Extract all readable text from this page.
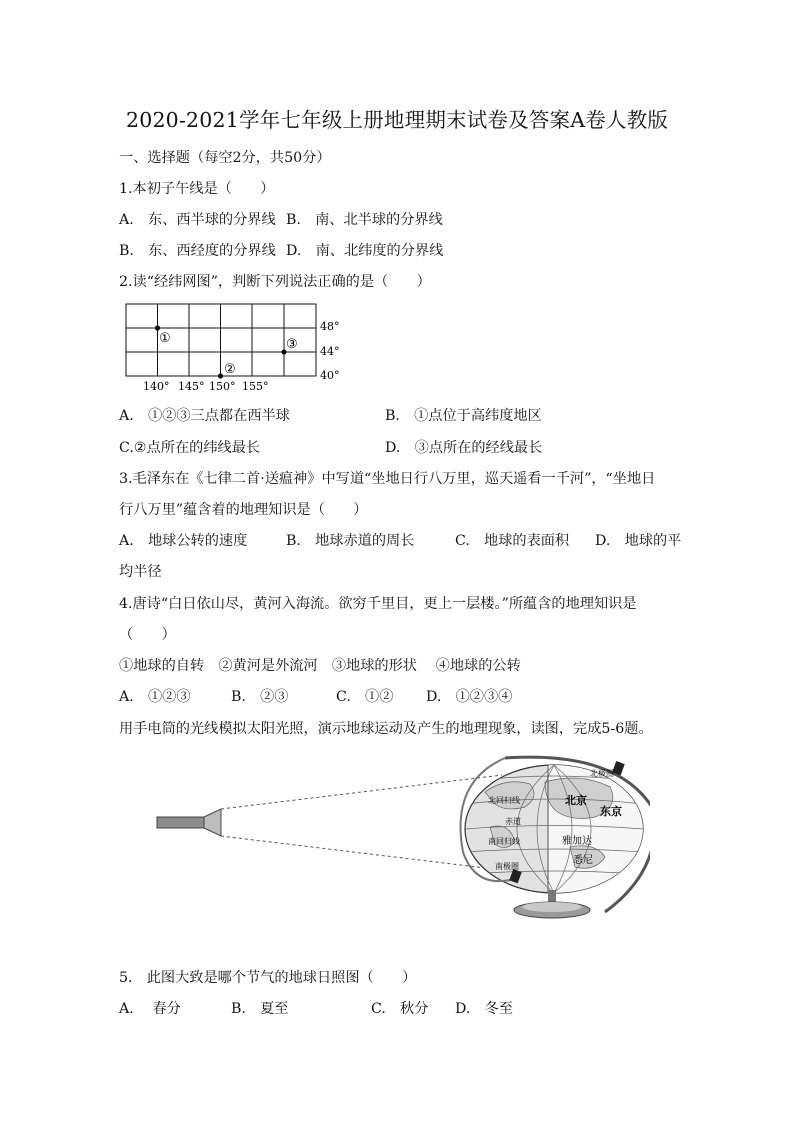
2020-2021学年七年级上册地理期末试卷及答案A卷人教版
一、选择题（每空2分，共50分）
1.本初子午线是（　　）
A.　东、西半球的分界线 B.　南、北半球的分界线
B.　东、西经度的分界线 D.　南、北纬度的分界线
2.读“经纬网图”，判断下列说法正确的是（　　）
①
②
③
48°
44°
40°
140° 145° 150° 155°
A.　①②③三点都在西半球	B.　①点位于高纬度地区
C.②点所在的纬线最长	D.　③点所在的经线最长
3.毛泽东在《七律二首·送瘟神》中写道“坐地日行八万里，巡天遥看一千河”，“坐地日
行八万里”蕴含着的地理知识是（　　）
A.　地球公转的速度	B.　地球赤道的周长	C.　地球的表面积 D.　地球的平
均半径
4.唐诗“白日依山尽，黄河入海流。欲穷千里目，更上一层楼。”所蕴含的地理知识是
（　　）
①地球的自转　②黄河是外流河　③地球的形状　 ④地球的公转
A.　①②③	B.　②③	C.　①② D.　①②③④
用手电筒的光线模拟太阳光照，演示地球运动及产生的地理现象，读图，完成5-6题。
北极圈
北回归线
赤道
南回归线
南极圈
北京
东京
雅加达
悉尼
5.　此图大致是哪个节气的地球日照图（　　）
A.　 春分	B.　夏至	C.　秋分 D.　冬至
